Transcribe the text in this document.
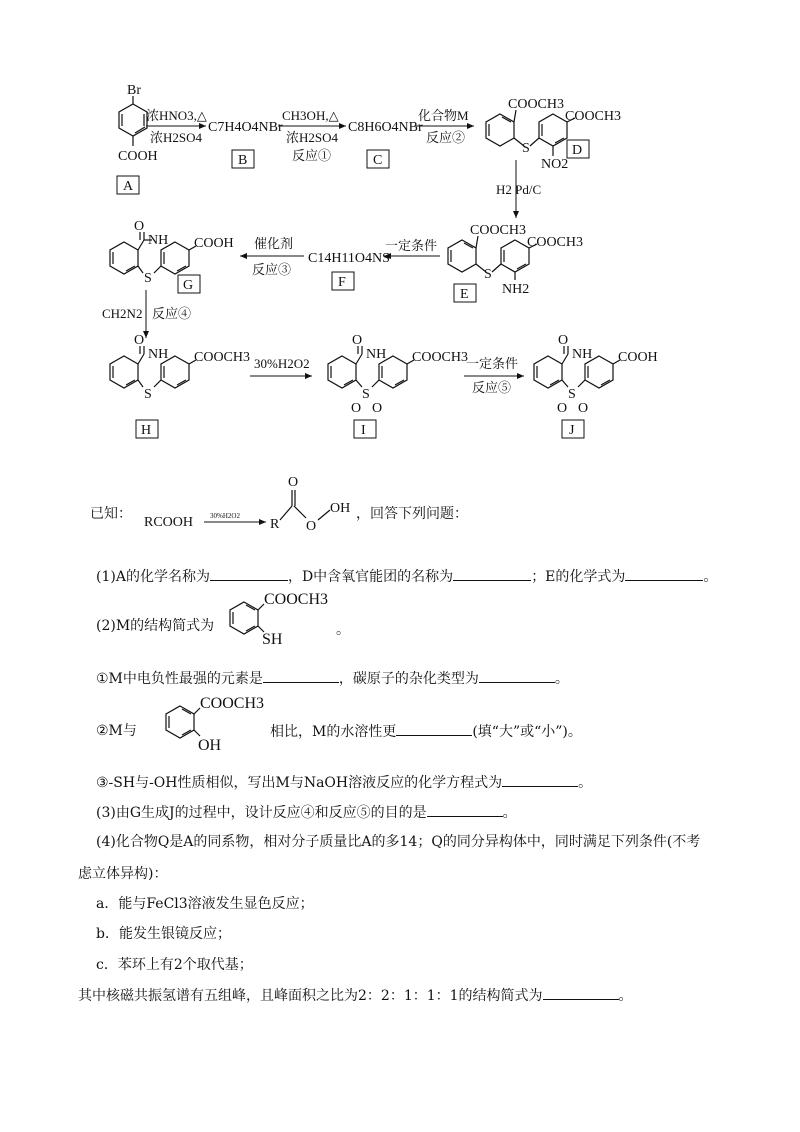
Br
COOH
A
浓HNO3,△
浓H2SO4
C7H4O4NBr
B
CH3OH,△
浓H2SO4
反应①
C8H6O4NBr
C
化合物M
反应②
COOCH3
COOCH3
S
NO2
D
H2 Pd/C
COOCH3
COOCH3
S
NH2
E
一定条件
C14H11O4NS
F
催化剂
反应③
O
NH COOH
S G
CH2N2 反应④
O
NH COOCH3
S
H
30%H2O2
O
NH COOCH3
S
O O
I
一定条件
反应⑤
O
NH COOH
S
O O
J
已知：
RCOOH 30%H2O2
R
O
O
OH ，回答下列问题：
(1)A的化学名称为	，D中含氧官能团的名称为	；E的化学式为	。
(2)M的结构简式为
COOCH3
SH
。
①M中电负性最强的元素是	，碳原子的杂化类型为	。
②M与
COOCH3
OH
相比，M的水溶性更	(填“大”或“小”)。
③-SH与-OH性质相似，写出M与NaOH溶液反应的化学方程式为	。
(3)由G生成J的过程中，设计反应④和反应⑤的目的是	。
(4)化合物Q是A的同系物，相对分子质量比A的多14；Q的同分异构体中，同时满足下列条件(不考
虑立体异构)：
a．能与FeCl3溶液发生显色反应；
b．能发生银镜反应；
c．苯环上有2个取代基；
其中核磁共振氢谱有五组峰，且峰面积之比为2：2：1：1：1的结构简式为	。
